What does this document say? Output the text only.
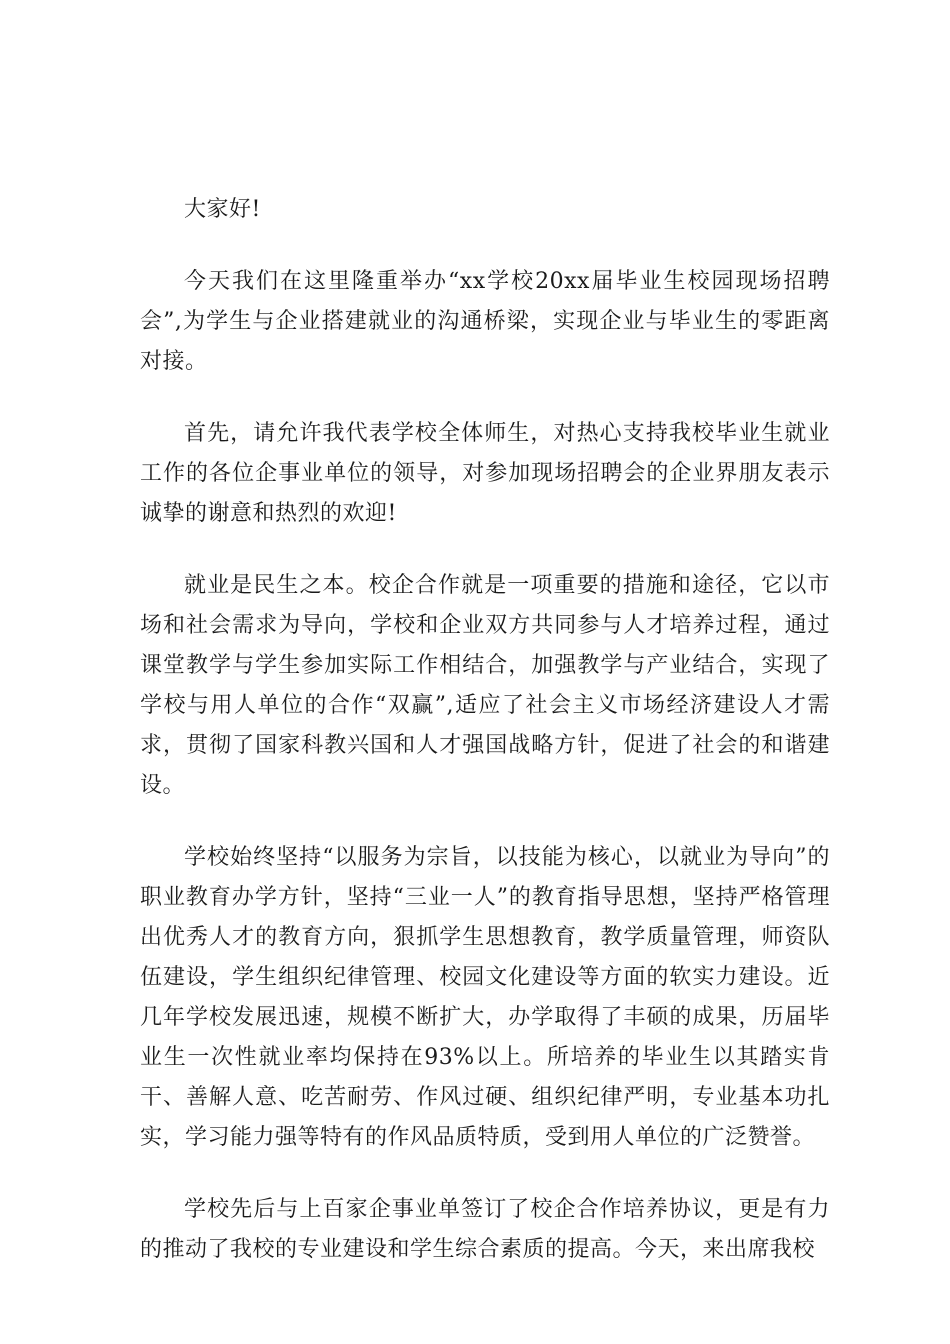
大家好!

今天我们在这里隆重举办“xx学校20xx届毕业生校园现场招聘会”,为学生与企业搭建就业的沟通桥梁，实现企业与毕业生的零距离对接。

首先，请允许我代表学校全体师生，对热心支持我校毕业生就业工作的各位企事业单位的领导，对参加现场招聘会的企业界朋友表示诚挚的谢意和热烈的欢迎!

就业是民生之本。校企合作就是一项重要的措施和途径，它以市场和社会需求为导向，学校和企业双方共同参与人才培养过程，通过课堂教学与学生参加实际工作相结合，加强教学与产业结合，实现了学校与用人单位的合作“双赢”,适应了社会主义市场经济建设人才需求，贯彻了国家科教兴国和人才强国战略方针，促进了社会的和谐建设。

学校始终坚持“以服务为宗旨，以技能为核心，以就业为导向”的职业教育办学方针，坚持“三业一人”的教育指导思想，坚持严格管理出优秀人才的教育方向，狠抓学生思想教育，教学质量管理，师资队伍建设，学生组织纪律管理、校园文化建设等方面的软实力建设。近几年学校发展迅速，规模不断扩大，办学取得了丰硕的成果，历届毕业生一次性就业率均保持在93%以上。所培养的毕业生以其踏实肯干、善解人意、吃苦耐劳、作风过硬、组织纪律严明，专业基本功扎实，学习能力强等特有的作风品质特质，受到用人单位的广泛赞誉。

学校先后与上百家企事业单签订了校企合作培养协议，更是有力的推动了我校的专业建设和学生综合素质的提高。今天，来出席我校
